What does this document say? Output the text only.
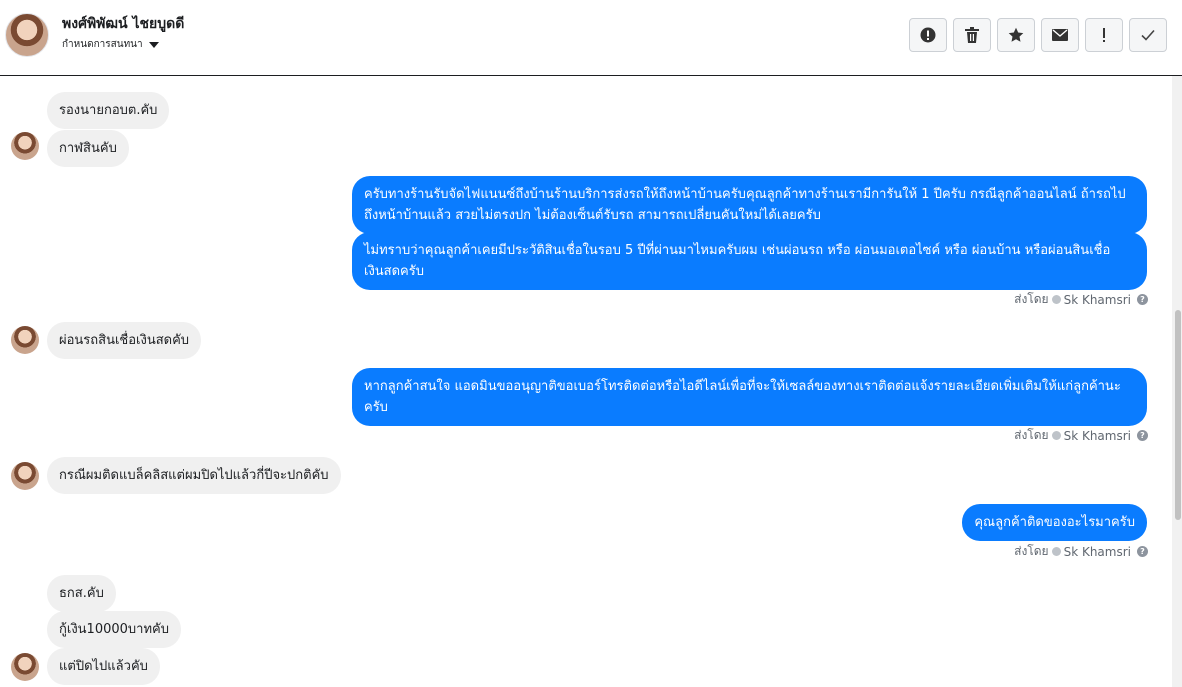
พงศ์พิพัฒน์ ไชยบูดดี
กำหนดการสนทนา
รองนายกอบต.คับ
กาฬสินคับ
ครับทางร้านรับจัดไฟแนนซ์ถึงบ้านร้านบริการส่งรถให้ถึงหน้าบ้านครับคุณลูกค้าทางร้านเรามีการันให้ 1 ปีครับ กรณีลูกค้าออนไลน์ ถ้ารถไปถึงหน้าบ้านแล้ว สวยไม่ตรงปก ไม่ต้องเซ็นต์รับรถ สามารถเปลี่ยนคันใหม่ได้เลยครับ
ไม่ทราบว่าคุณลูกค้าเคยมีประวัติสินเชื่อในรอบ 5 ปีที่ผ่านมาไหมครับผม เช่นผ่อนรถ หรือ ผ่อนมอเตอไซค์ หรือ ผ่อนบ้าน หรือผ่อนสินเชื่อเงินสดครับ
ส่งโดย Sk Khamsri	?
ผ่อนรถสินเชื่อเงินสดคับ
หากลูกค้าสนใจ แอดมินขออนุญาติขอเบอร์โทรติดต่อหรือไอดีไลน์เพื่อที่จะให้เซลล์ของทางเราติดต่อแจ้งรายละเอียดเพิ่มเติมให้แก่ลูกค้านะครับ
ส่งโดย Sk Khamsri	?
กรณีผมติดแบล็คลิสแต่ผมปิดไปแล้วกี่ปีจะปกติคับ
คุณลูกค้าติดของอะไรมาครับ
ส่งโดย Sk Khamsri	?
ธกส.คับ
กู้เงิน10000บาทคับ
แต่ปิดไปแล้วคับ
